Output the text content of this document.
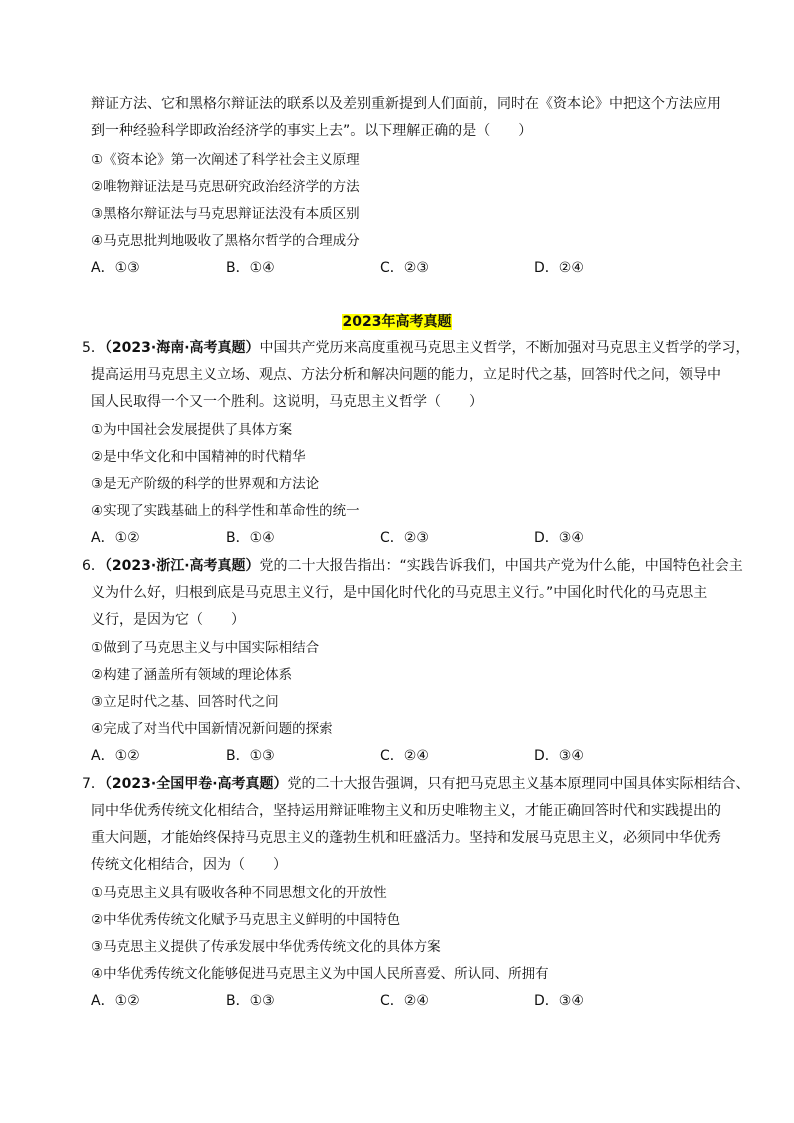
辩证方法、它和黑格尔辩证法的联系以及差别重新提到人们面前，同时在《资本论》中把这个方法应用
到一种经验科学即政治经济学的事实上去”。以下理解正确的是（　　）
①《资本论》第一次阐述了科学社会主义原理
②唯物辩证法是马克思研究政治经济学的方法
③黑格尔辩证法与马克思辩证法没有本质区别
④马克思批判地吸收了黑格尔哲学的合理成分
A．①③	B．①④	C．②③	D．②④
2023年高考真题
5．（2023·海南·高考真题）中国共产党历来高度重视马克思主义哲学，不断加强对马克思主义哲学的学习，
提高运用马克思主义立场、观点、方法分析和解决问题的能力，立足时代之基，回答时代之问，领导中
国人民取得一个又一个胜利。这说明，马克思主义哲学（　　）
①为中国社会发展提供了具体方案
②是中华文化和中国精神的时代精华
③是无产阶级的科学的世界观和方法论
④实现了实践基础上的科学性和革命性的统一
A．①②	B．①④	C．②③	D．③④
6．（2023·浙江·高考真题）党的二十大报告指出：“实践告诉我们，中国共产党为什么能，中国特色社会主
义为什么好，归根到底是马克思主义行，是中国化时代化的马克思主义行。”中国化时代化的马克思主
义行，是因为它（　　）
①做到了马克思主义与中国实际相结合
②构建了涵盖所有领域的理论体系
③立足时代之基、回答时代之问
④完成了对当代中国新情况新问题的探索
A．①②	B．①③	C．②④	D．③④
7．（2023·全国甲卷·高考真题）党的二十大报告强调，只有把马克思主义基本原理同中国具体实际相结合、
同中华优秀传统文化相结合，坚持运用辩证唯物主义和历史唯物主义，才能正确回答时代和实践提出的
重大问题，才能始终保持马克思主义的蓬勃生机和旺盛活力。坚持和发展马克思主义，必须同中华优秀
传统文化相结合，因为（　　）
①马克思主义具有吸收各种不同思想文化的开放性
②中华优秀传统文化赋予马克思主义鲜明的中国特色
③马克思主义提供了传承发展中华优秀传统文化的具体方案
④中华优秀传统文化能够促进马克思主义为中国人民所喜爱、所认同、所拥有
A．①②	B．①③	C．②④	D．③④
